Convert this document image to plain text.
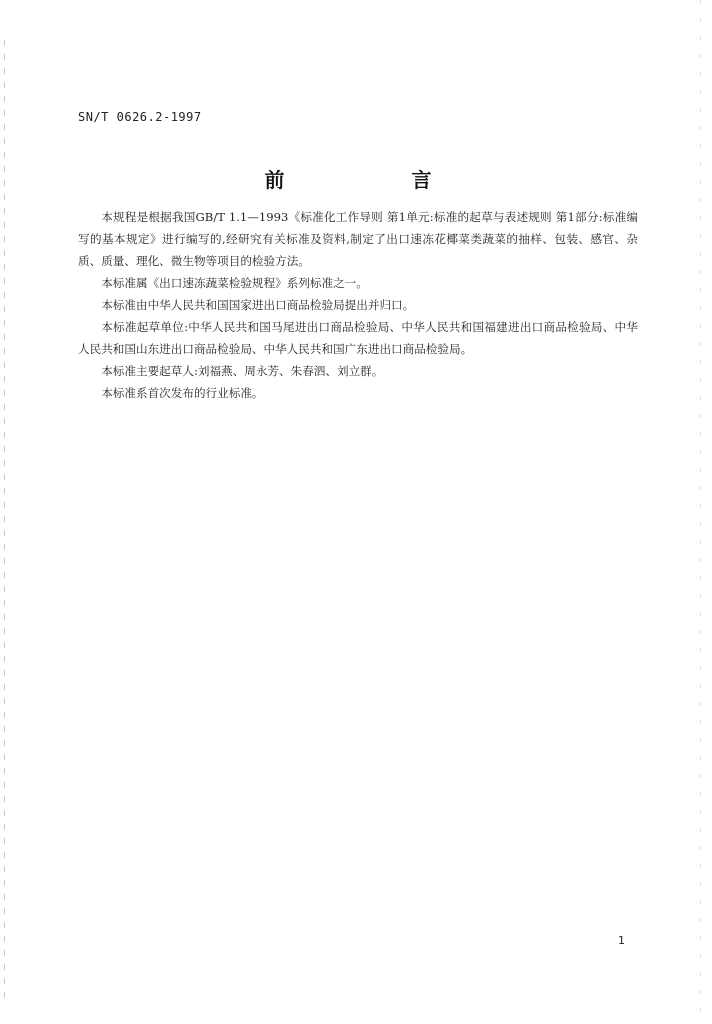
SN/T 0626.2-1997
前 言

本规程是根据我国GB/T 1.1—1993《标准化工作导则 第1单元:标准的起草与表述规则 第1部分:标准编写的基本规定》进行编写的,经研究有关标准及资料,制定了出口速冻花椰菜类蔬菜的抽样、包装、感官、杂质、质量、理化、微生物等项目的检验方法。

本标准属《出口速冻蔬菜检验规程》系列标准之一。

本标准由中华人民共和国国家进出口商品检验局提出并归口。

本标准起草单位:中华人民共和国马尾进出口商品检验局、中华人民共和国福建进出口商品检验局、中华人民共和国山东进出口商品检验局、中华人民共和国广东进出口商品检验局。

本标准主要起草人:刘福燕、周永芳、朱春泗、刘立群。

本标准系首次发布的行业标准。

1
